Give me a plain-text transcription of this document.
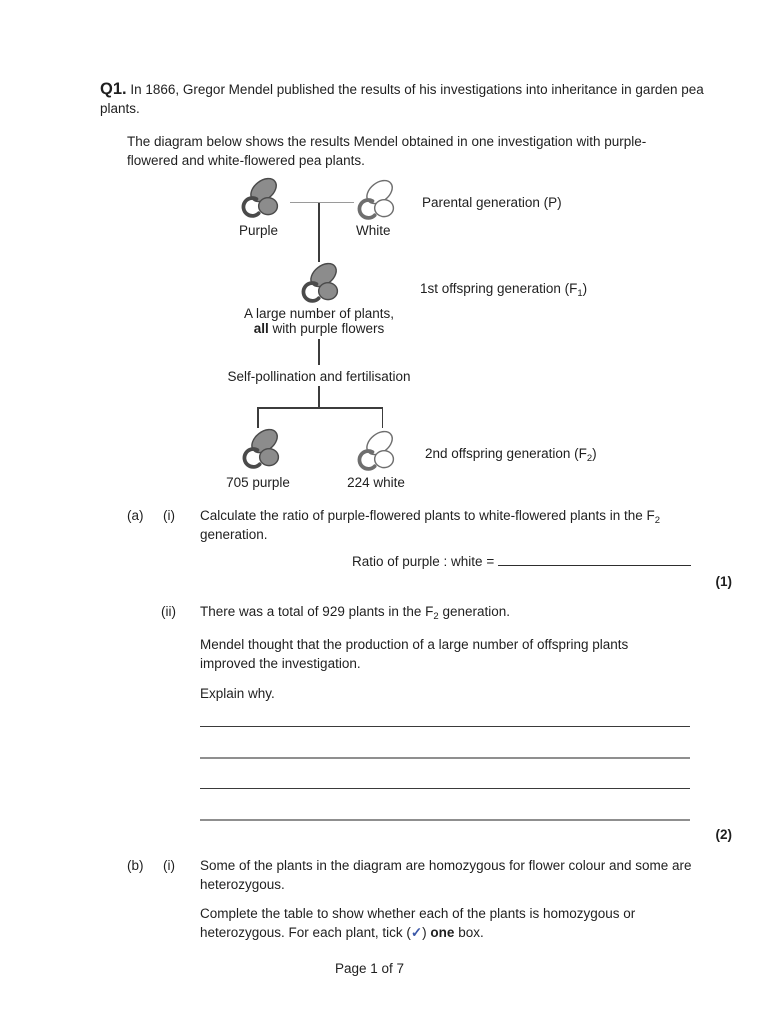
Q1. In 1866, Gregor Mendel published the results of his investigations into inheritance in garden pea plants.
The diagram below shows the results Mendel obtained in one investigation with purple-flowered and white-flowered pea plants.
Purple	White
Parental generation (P)
1st offspring generation $(F_1)$
A large number of plants,
all with purple flowers
Self-pollination and fertilisation
2nd offspring generation $(F_2)$
705 purple	224 white
(a) (i) Calculate the ratio of purple-flowered plants to white-flowered plants in the $F_2$ generation.
Ratio of purple : white =
(1)
(ii) There was a total of 929 plants in the $F_2$ generation.
Mendel thought that the production of a large number of offspring plants improved the investigation.
Explain why.
(2)
(b) (i) Some of the plants in the diagram are homozygous for flower colour and some are heterozygous.
Complete the table to show whether each of the plants is homozygous or heterozygous. For each plant, tick (✓) one box.
Page 1 of 7
